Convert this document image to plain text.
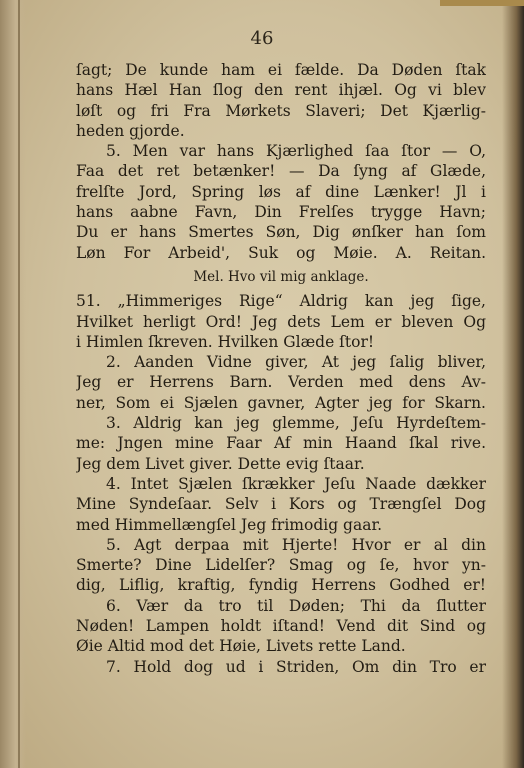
46
ſagt; De kunde ham ei fælde. Da Døden ſtak
hans Hæl Han ſlog den rent ihjæl. Og vi blev
løſt og fri Fra Mørkets Slaveri; Det Kjærlig-
heden gjorde.
5. Men var hans Kjærlighed ſaa ſtor — O,
Faa det ret betænker! — Da ſyng af Glæde,
frelſte Jord, Spring løs af dine Lænker! Jl i
hans aabne Favn, Din Frelſes trygge Havn;
Du er hans Smertes Søn, Dig ønſker han ſom
Løn For Arbeid', Suk og Møie. A. Reitan.
Mel. Hvo vil mig anklage.
51. „Himmeriges Rige“ Aldrig kan jeg ſige,
Hvilket herligt Ord! Jeg dets Lem er bleven Og
i Himlen ſkreven. Hvilken Glæde ſtor!
2. Aanden Vidne giver, At jeg ſalig bliver,
Jeg er Herrens Barn. Verden med dens Av-
ner, Som ei Sjælen gavner, Agter jeg for Skarn.
3. Aldrig kan jeg glemme, Jeſu Hyrdeſtem-
me: Jngen mine Faar Af min Haand ſkal rive.
Jeg dem Livet giver. Dette evig ſtaar.
4. Intet Sjælen ſkrækker Jeſu Naade dækker
Mine Syndeſaar. Selv i Kors og Trængſel Dog
med Himmellængſel Jeg frimodig gaar.
5. Agt derpaa mit Hjerte! Hvor er al din
Smerte? Dine Lidelſer? Smag og ſe, hvor yn-
dig, Liflig, kraftig, fyndig Herrens Godhed er!
6. Vær da tro til Døden; Thi da ſlutter
Nøden! Lampen holdt iſtand! Vend dit Sind og
Øie Altid mod det Høie, Livets rette Land.
7. Hold dog ud i Striden, Om din Tro er
